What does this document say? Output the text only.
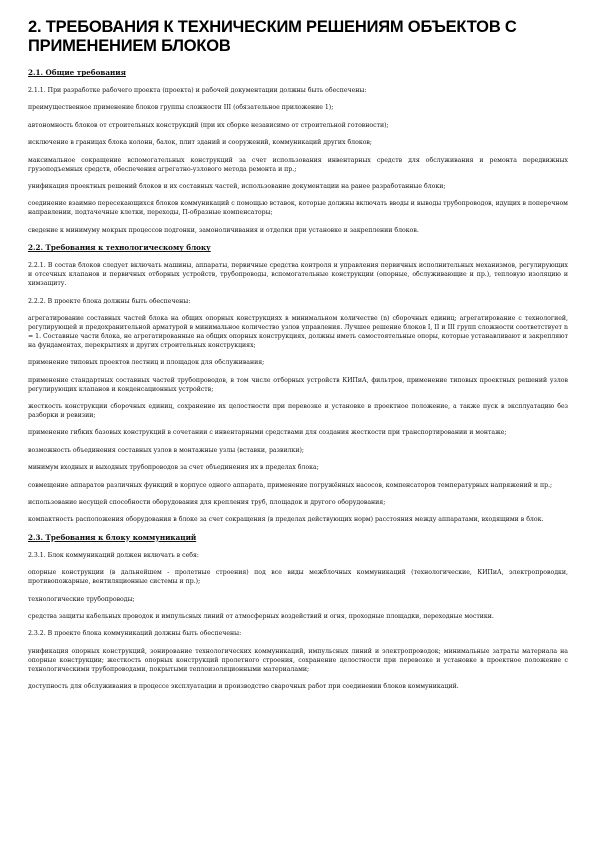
2. ТРЕБОВАНИЯ К ТЕХНИЧЕСКИМ РЕШЕНИЯМ ОБЪЕКТОВ С ПРИМЕНЕНИЕМ БЛОКОВ
2.1. Общие требования
2.1.1. При разработке рабочего проекта (проекта) и рабочей документации должны быть обеспечены:
преимущественное применение блоков группы сложности III (обязательное приложение 1);
автономность блоков от строительных конструкций (при их сборке независимо от строительной готовности);
исключение в границах блока колонн, балок, плит зданий и сооружений, коммуникаций других блоков;
максимальное сокращение вспомогательных конструкций за счет использования инвентарных средств для обслуживания и ремонта передвижных грузоподъемных средств, обеспечения агрегатно-узлового метода ремонта и пр.;
унификация проектных решений блоков и их составных частей, использование документации на ранее разработанные блоки;
соединение взаимно пересекающихся блоков коммуникаций с помощью вставок, которые должны включать вводы и выводы трубопроводов, идущих в поперечном направлении, подтачечные клетки, переходы, П-образные компенсаторы;
сведение к минимуму мокрых процессов подгонки, замоноличивания и отделки при установке и закреплении блоков.
2.2. Требования к технологическому блоку
2.2.1. В состав блоков следует включать машины, аппараты, первичные средства контроля и управления первичных исполнительных механизмов, регулирующих и отсечных клапанов и первичных отборных устройств, трубопроводы, вспомогательные конструкции (опорные, обслуживающие и пр.), тепловую изоляцию и химзащиту.
2.2.2. В проекте блока должны быть обеспечены:
агрегатирование составных частей блока на общих опорных конструкциях в минимальном количестве (n) сборочных единиц; агрегатирование с технологией, регулирующей и предохранительной арматурой в минимальное количество узлов управления. Лучшее решение блоков I, II и III групп сложности соответствует n = 1. Составные части блока, не агрегатированные на общих опорных конструкциях, должны иметь самостоятельные опоры, которые устанавливают и закрепляют на фундаментах, перекрытиях и других строительных конструкциях;
применение типовых проектов лестниц и площадок для обслуживания;
применение стандартных составных частей трубопроводов, в том числе отборных устройств КИПиА, фильтров, применение типовых проектных решений узлов регулирующих клапанов и конденсационных устройств;
жесткость конструкции сборочных единиц, сохранение их целостности при перевозке и установке в проектное положение, а также пуск в эксплуатацию без разборки и ревизии;
применение гибких базовых конструкций в сочетании с инвентарными средствами для создания жесткости при транспортировании и монтаже;
возможность объединения составных узлов в монтажные узлы (вставки, развилки);
минимум входных и выходных трубопроводов за счет объединения их в пределах блока;
совмещение аппаратов различных функций в корпусе одного аппарата, применение погружённых насосов, компенсаторов температурных напряжений и пр.;
использование несущей способности оборудования для крепления труб, площадок и другого оборудования;
компактность расположения оборудования в блоке за счет сокращения (в пределах действующих норм) расстояния между аппаратами, входящими в блок.
2.3. Требования к блоку коммуникаций
2.3.1. Блок коммуникаций должен включать в себя:
опорные конструкции (в дальнейшем - пролетные строения) под все виды межблочных коммуникаций (технологические, КИПиА, электропроводки, противопожарные, вентиляционные системы и пр.);
технологические трубопроводы;
средства защиты кабельных проводок и импульсных линий от атмосферных воздействий и огня, проходные площадки, переходные мостики.
2.3.2. В проекте блока коммуникаций должны быть обеспечены:
унификация опорных конструкций, зонирование технологических коммуникаций, импульсных линий и электропроводок; минимальные затраты материала на опорные конструкции; жесткость опорных конструкций пролетного строения, сохранение целостности при перевозке и установке в проектное положение с технологическими трубопроводами, покрытыми теплоизоляционными материалами;
доступность для обслуживания в процессе эксплуатации и производство сварочных работ при соединении блоков коммуникаций.
